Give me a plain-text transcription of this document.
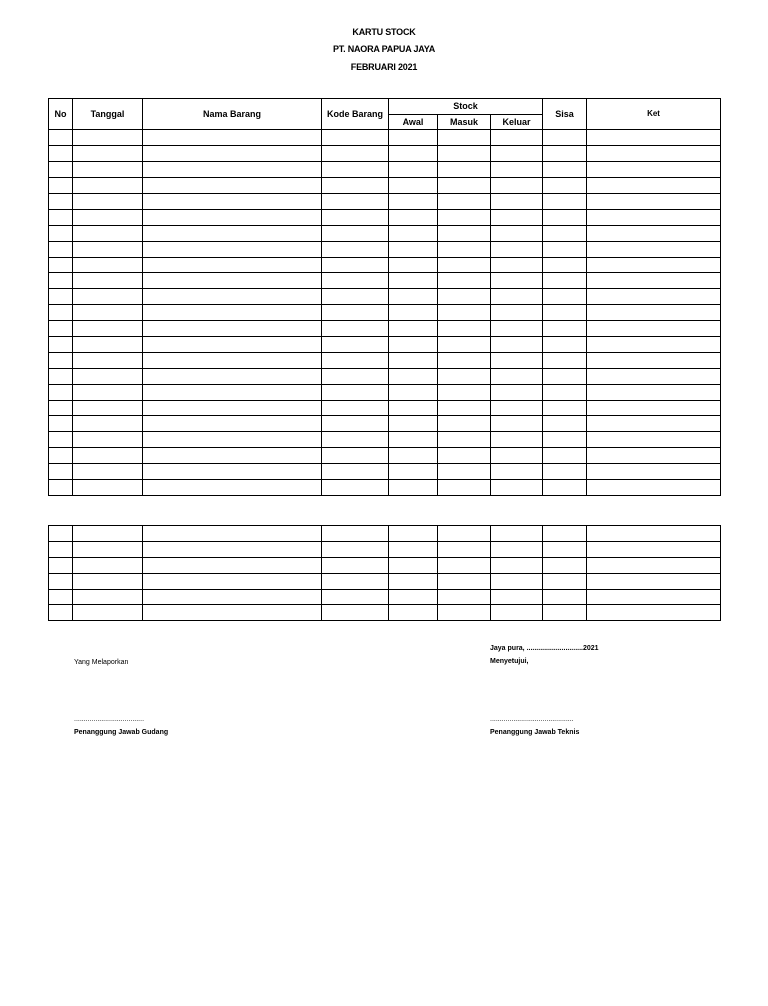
KARTU STOCK
PT. NAORA PAPUA JAYA
FEBRUARI 2021
No	Tanggal	Nama Barang	Kode Barang	Stock			Sisa	Ket
				Awal	Masuk	Keluar		

Jaya pura, .............................2021
Yang Melaporkan	Menyetujui,
....................................	...........................................
Penanggung Jawab Gudang	Penanggung Jawab Teknis
